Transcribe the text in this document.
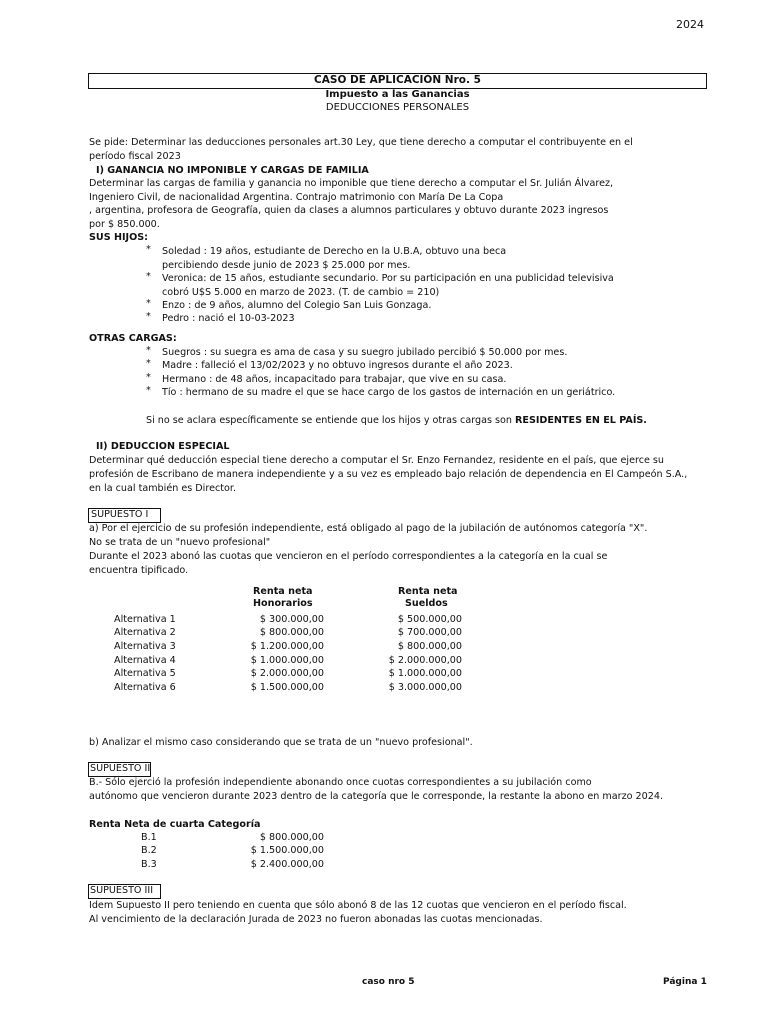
2024
CASO DE APLICACIÓN Nro. 5
Impuesto a las Ganancias
DEDUCCIONES PERSONALES
Se pide: Determinar las deducciones personales art.30 Ley, que tiene derecho a computar el contribuyente en el
período fiscal 2023
I) GANANCIA NO IMPONIBLE Y CARGAS DE FAMILIA
Determinar las cargas de familia y ganancia no imponible que tiene derecho a computar el Sr. Julián Álvarez,
Ingeniero Civil, de nacionalidad Argentina. Contrajo matrimonio con María De La Copa
, argentina, profesora de Geografía, quien da clases a alumnos particulares y obtuvo durante 2023 ingresos
por $ 850.000.
SUS HIJOS:
* Soledad : 19 años, estudiante de Derecho en la U.B.A, obtuvo una beca
percibiendo desde junio de 2023 $ 25.000 por mes.
* Veronica: de 15 años, estudiante secundario. Por su participación en una publicidad televisiva
cobró U$S 5.000 en marzo de 2023. (T. de cambio = 210)
* Enzo : de 9 años, alumno del Colegio San Luis Gonzaga.
* Pedro : nació el 10-03-2023
OTRAS CARGAS:
* Suegros : su suegra es ama de casa y su suegro jubilado percibió $ 50.000 por mes.
* Madre : falleció el 13/02/2023 y no obtuvo ingresos durante el año 2023.
* Hermano : de 48 años, incapacitado para trabajar, que vive en su casa.
* Tío : hermano de su madre el que se hace cargo de los gastos de internación en un geriátrico.
Si no se aclara específicamente se entiende que los hijos y otras cargas son RESIDENTES EN EL PAÍS.
II) DEDUCCION ESPECIAL
Determinar qué deducción especial tiene derecho a computar el Sr. Enzo Fernandez, residente en el país, que ejerce su
profesión de Escribano de manera independiente y a su vez es empleado bajo relación de dependencia en El Campeón S.A.,
en la cual también es Director.
SUPUESTO I
a) Por el ejercicio de su profesión independiente, está obligado al pago de la jubilación de autónomos categoría "X".
No se trata de un "nuevo profesional"
Durante el 2023 abonó las cuotas que vencieron en el período correspondientes a la categoría en la cual se
encuentra tipificado.
Renta neta
Honorarios
Renta neta
Sueldos
Alternativa 1	$ 300.000,00	$ 500.000,00
Alternativa 2	$ 800.000,00	$ 700.000,00
Alternativa 3	$ 1.200.000,00	$ 800.000,00
Alternativa 4	$ 1.000.000,00	$ 2.000.000,00
Alternativa 5	$ 2.000.000,00	$ 1.000.000,00
Alternativa 6	$ 1.500.000,00	$ 3.000.000,00
b) Analizar el mismo caso considerando que se trata de un "nuevo profesional".
SUPUESTO II
B.- Sólo ejerció la profesión independiente abonando once cuotas correspondientes a su jubilación como
autónomo que vencieron durante 2023 dentro de la categoría que le corresponde, la restante la abono en marzo 2024.
Renta Neta de cuarta Categoría
B.1	$ 800.000,00
B.2	$ 1.500.000,00
B.3	$ 2.400.000,00
SUPUESTO III
Idem Supuesto II pero teniendo en cuenta que sólo abonó 8 de las 12 cuotas que vencieron en el período fiscal.
Al vencimiento de la declaración Jurada de 2023 no fueron abonadas las cuotas mencionadas.
caso nro 5	Página 1
